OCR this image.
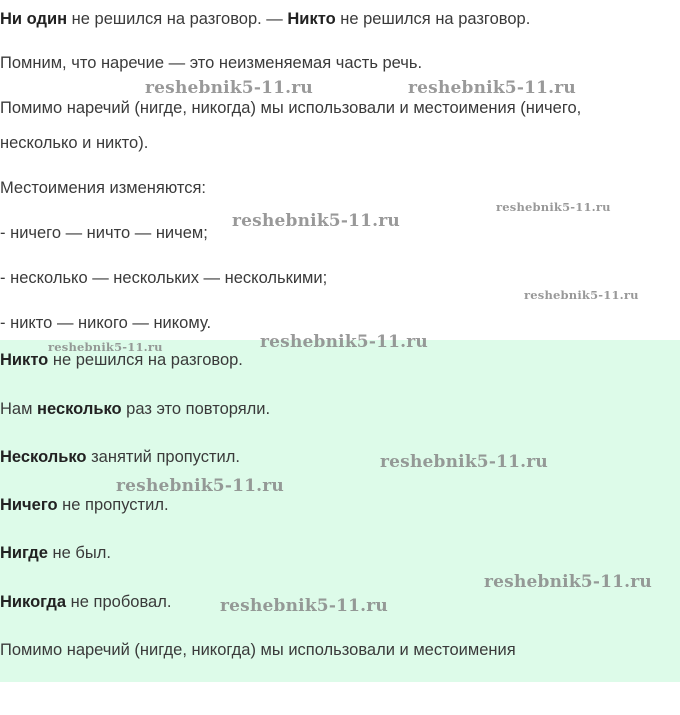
Ни один не решился на разговор. — Никто не решился на разговор.
Помним, что наречие — это неизменяемая часть речь.
Помимо наречий (нигде, никогда) мы использовали и местоимения (ничего,
несколько и никто).
Местоимения изменяются:
- ничего — ничто — ничем;
- несколько — нескольких — несколькими;
- никто — никого — никому.
Никто не решился на разговор.
Нам несколько раз это повторяли.
Несколько занятий пропустил.
Ничего не пропустил.
Нигде не был.
Никогда не пробовал.
Помимо наречий (нигде, никогда) мы использовали и местоимения
reshebnik5-11.ru	reshebnik5-11.ru
reshebnik5-11.ru
reshebnik5-11.ru
reshebnik5-11.ru
reshebnik5-11.ru	reshebnik5-11.ru
reshebnik5-11.ru
reshebnik5-11.ru
reshebnik5-11.ru
reshebnik5-11.ru
